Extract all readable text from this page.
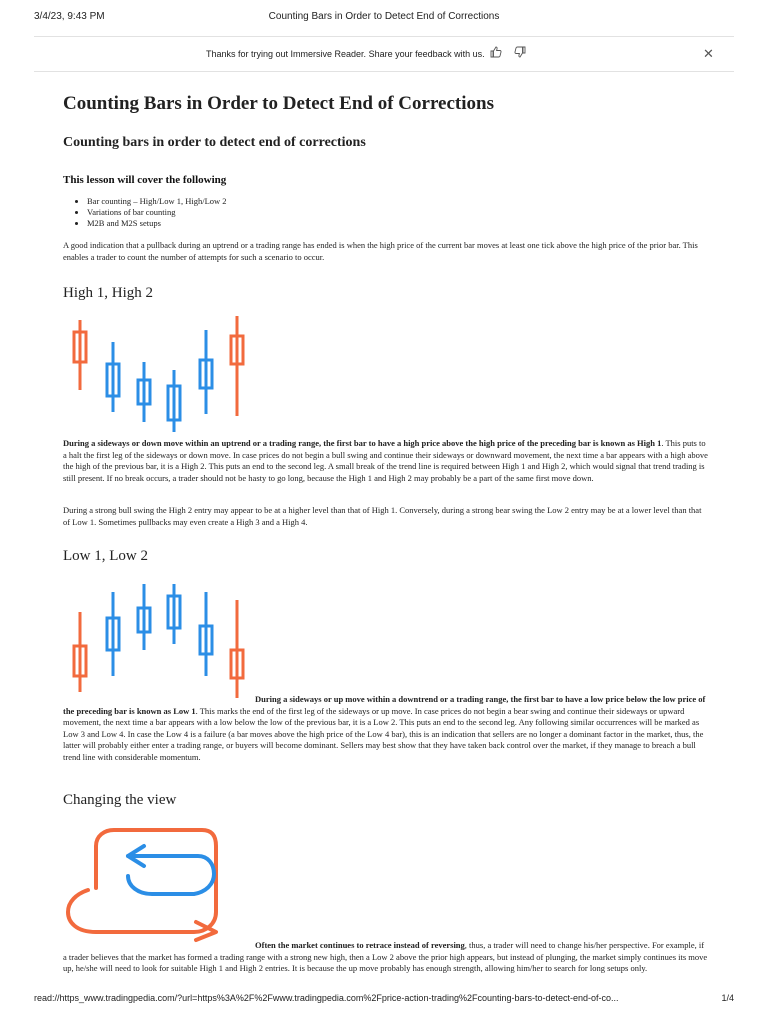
3/4/23, 9:43 PM	Counting Bars in Order to Detect End of Corrections
Thanks for trying out Immersive Reader. Share your feedback with us.	✕
Counting Bars in Order to Detect End of Corrections
Counting bars in order to detect end of corrections
This lesson will cover the following
• Bar counting – High/Low 1, High/Low 2
• Variations of bar counting
• M2B and M2S setups

A good indication that a pullback during an uptrend or a trading range has ended is when the high price of the current bar moves at least one tick above the high price of the prior bar. This enables a trader to count the number of attempts for such a scenario to occur.

High 1, High 2

During a sideways or down move within an uptrend or a trading range, the first bar to have a high price above the high price of the preceding bar is known as High 1. This puts to a halt the first leg of the sideways or down move. In case prices do not begin a bull swing and continue their sideways or downward movement, the next time a bar appears with a high above the high of the previous bar, it is a High 2. This puts an end to the second leg. A small break of the trend line is required between High 1 and High 2, which would signal that trend trading is still present. If no break occurs, a trader should not be hasty to go long, because the High 1 and High 2 may probably be a part of the same first move down.

During a strong bull swing the High 2 entry may appear to be at a higher level than that of High 1. Conversely, during a strong bear swing the Low 2 entry may be at a lower level than that of Low 1. Sometimes pullbacks may even create a High 3 and a High 4.

Low 1, Low 2

During a sideways or up move within a downtrend or a trading range, the first bar to have a low price below the low price of the preceding bar is known as Low 1. This marks the end of the first leg of the sideways or up move. In case prices do not begin a bear swing and continue their sideways or upward movement, the next time a bar appears with a low below the low of the previous bar, it is a Low 2. This puts an end to the second leg. Any following similar occurrences will be marked as Low 3 and Low 4. In case the Low 4 is a failure (a bar moves above the high price of the Low 4 bar), this is an indication that sellers are no longer a dominant factor in the market, thus, the latter will probably either enter a trading range, or buyers will become dominant. Sellers may best show that they have taken back control over the market, if they manage to breach a bull trend line with considerable momentum.

Changing the view

Often the market continues to retrace instead of reversing, thus, a trader will need to change his/her perspective. For example, if a trader believes that the market has formed a trading range with a strong new high, then a Low 2 above the prior high appears, but instead of plunging, the market simply continues its move up, he/she will need to look for suitable High 1 and High 2 entries. It is because the up move probably has enough strength, allowing him/her to search for long setups only.

read://https_www.tradingpedia.com/?url=https%3A%2F%2Fwww.tradingpedia.com%2Fprice-action-trading%2Fcounting-bars-to-detect-end-of-co...	1/4
